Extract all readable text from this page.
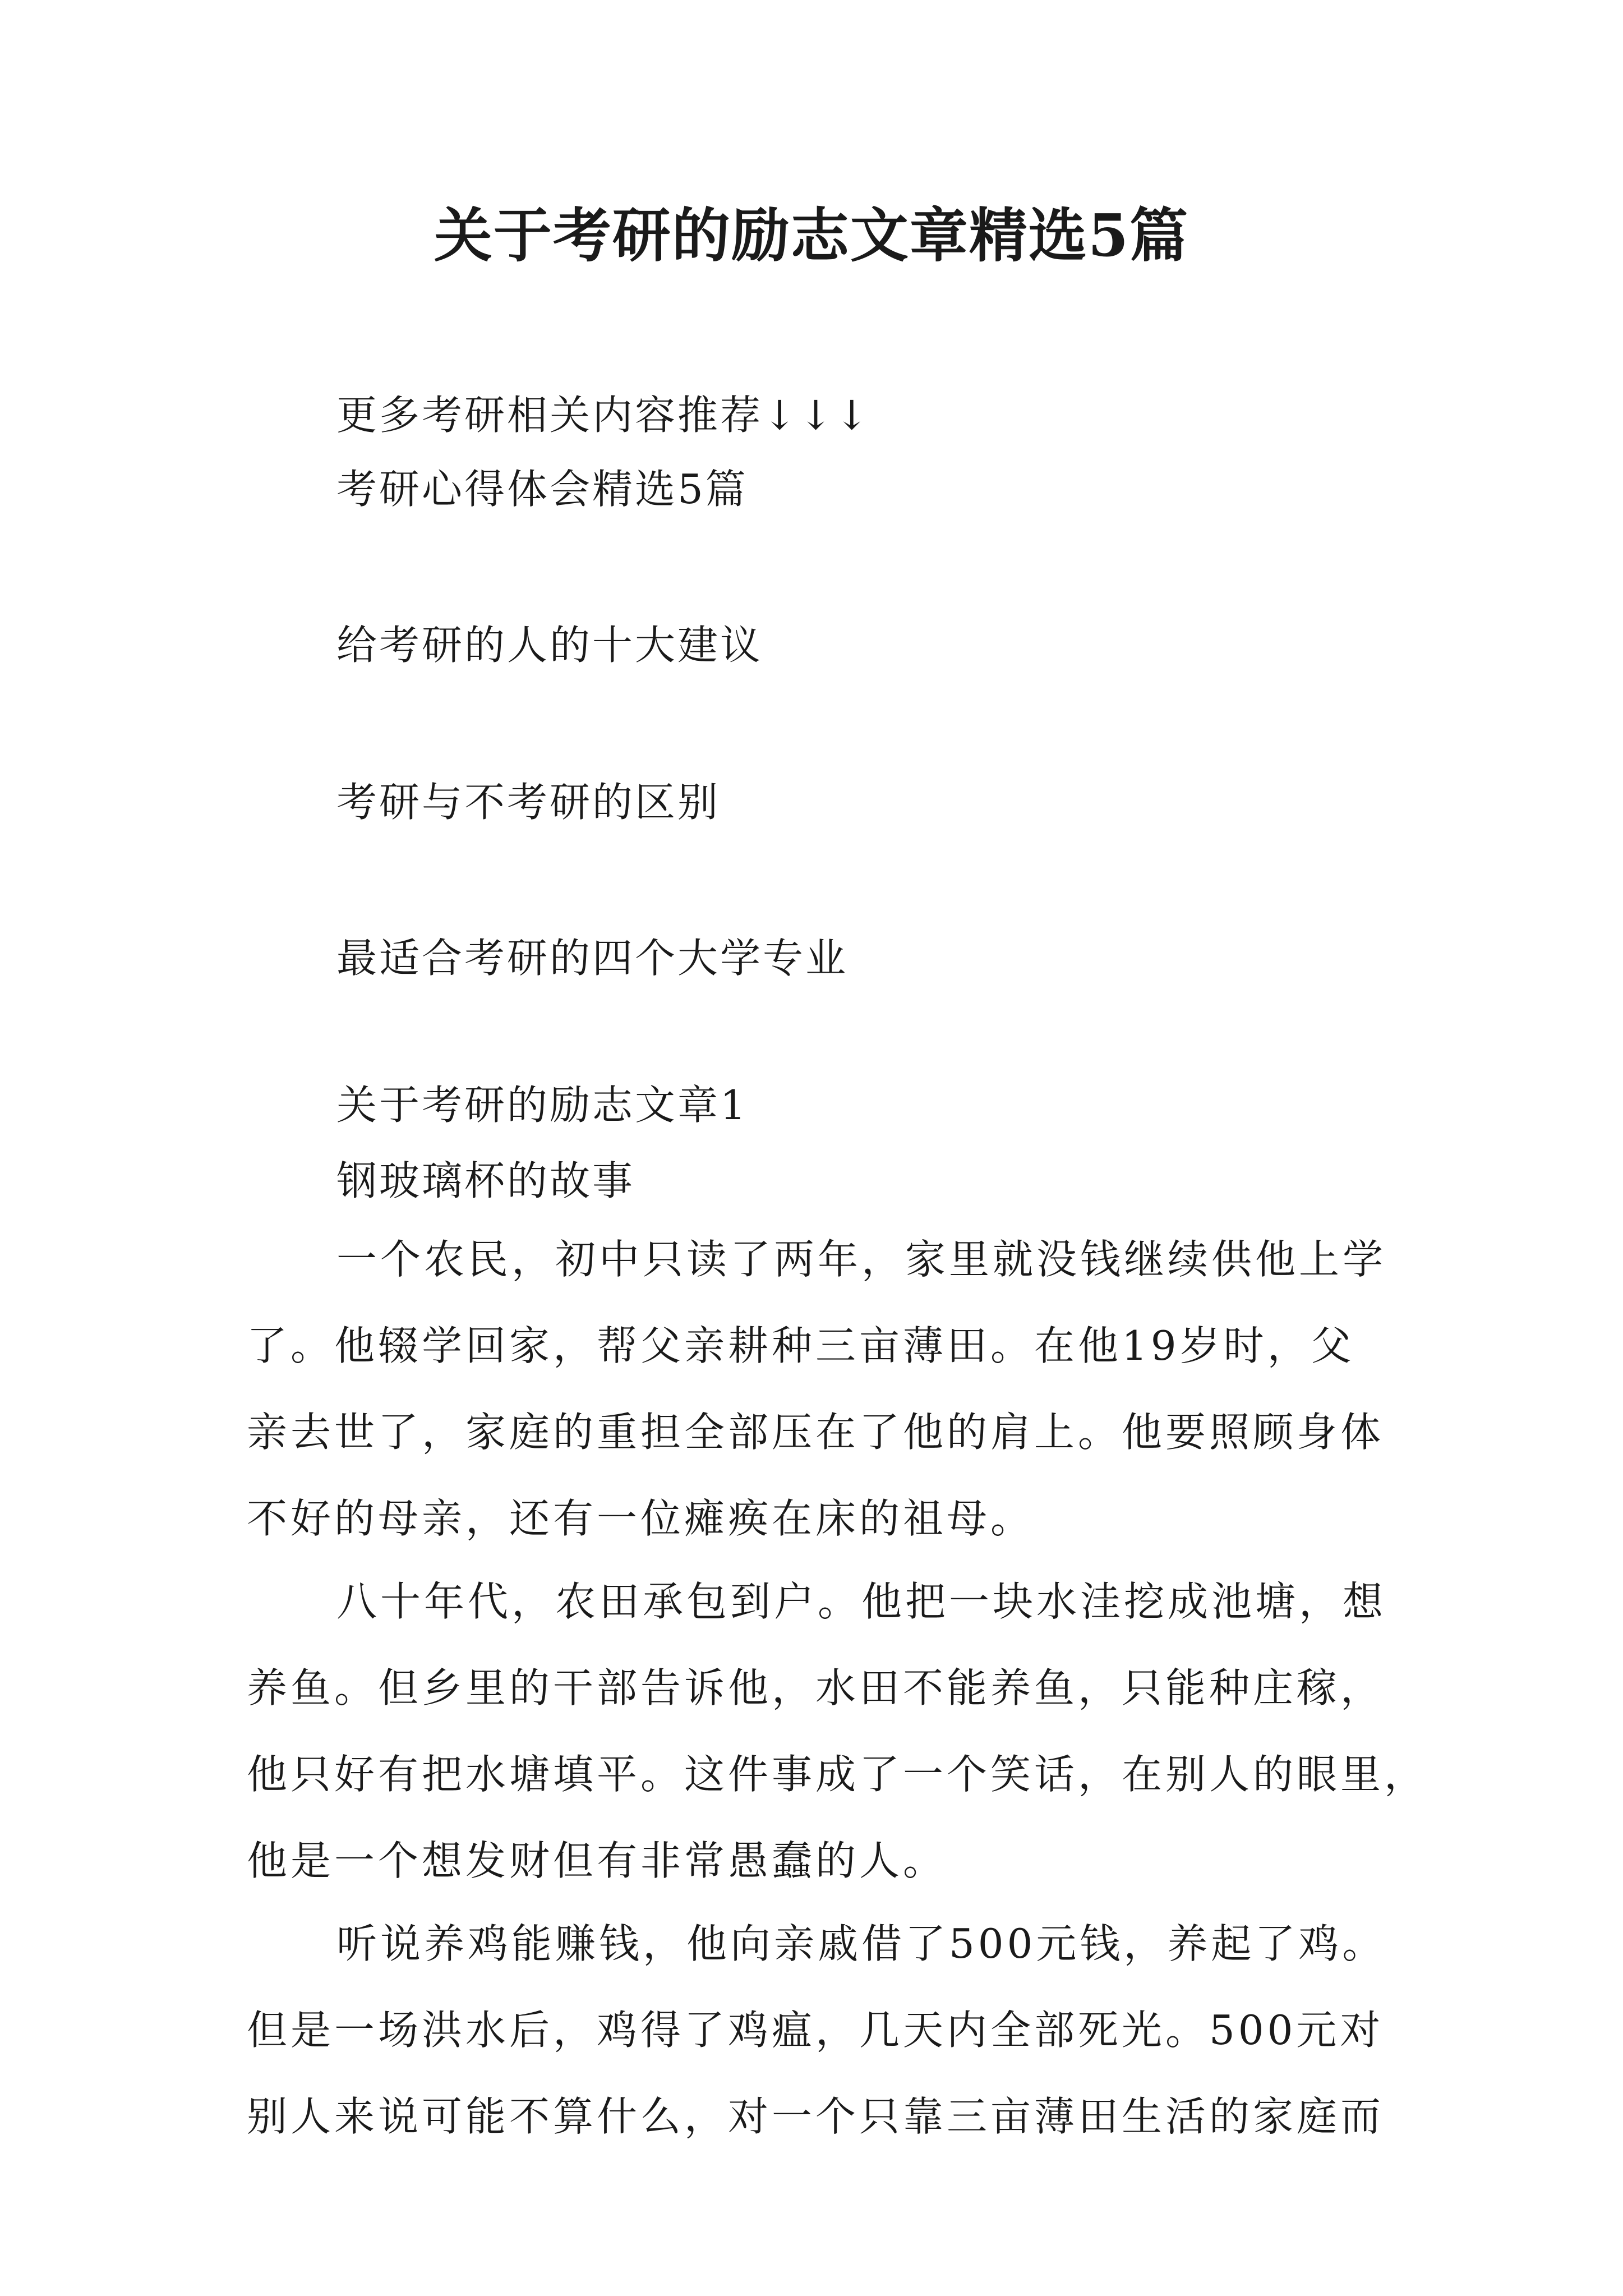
关于考研的励志文章精选5篇
更多考研相关内容推荐↓↓↓
考研心得体会精选5篇
给考研的人的十大建议
考研与不考研的区别
最适合考研的四个大学专业
关于考研的励志文章1
钢玻璃杯的故事
一个农民，初中只读了两年，家里就没钱继续供他上学
了。他辍学回家，帮父亲耕种三亩薄田。在他19岁时，父
亲去世了，家庭的重担全部压在了他的肩上。他要照顾身体
不好的母亲，还有一位瘫痪在床的祖母。
八十年代，农田承包到户。他把一块水洼挖成池塘，想
养鱼。但乡里的干部告诉他，水田不能养鱼，只能种庄稼，
他只好有把水塘填平。这件事成了一个笑话，在别人的眼里，
他是一个想发财但有非常愚蠢的人。
听说养鸡能赚钱，他向亲戚借了500元钱，养起了鸡。
但是一场洪水后，鸡得了鸡瘟，几天内全部死光。500元对
别人来说可能不算什么，对一个只靠三亩薄田生活的家庭而
